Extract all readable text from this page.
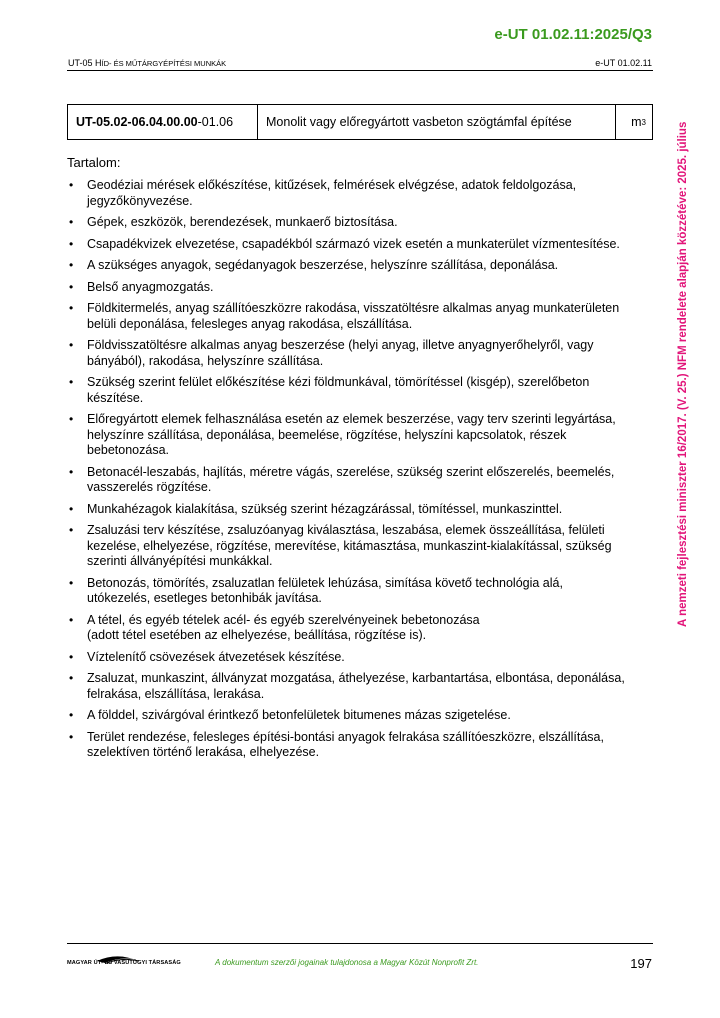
e-UT 01.02.11:2025/Q3
UT-05 HÍD- ÉS MŰTÁRGYÉPÍTÉSI MUNKÁK	e-UT 01.02.11
A nemzeti fejlesztési miniszter 16/2017. (V. 25.) NFM rendelete alapján közzétéve: 2025. július
UT-05.02-06.04.00.00 -01.06	Monolit vagy előregyártott vasbeton szögtámfal építése	m 3
Tartalom:
• Geodéziai mérések előkészítése, kitűzések, felmérések elvégzése, adatok feldolgozása, jegyzőkönyvezése.
• Gépek, eszközök, berendezések, munkaerő biztosítása.
• Csapadékvizek elvezetése, csapadékból származó vizek esetén a munkaterület vízmentesítése.
• A szükséges anyagok, segédanyagok beszerzése, helyszínre szállítása, deponálása.
• Belső anyagmozgatás.
• Földkitermelés, anyag szállítóeszközre rakodása, visszatöltésre alkalmas anyag munkaterületen belüli deponálása, felesleges anyag rakodása, elszállítása.
• Földvisszatöltésre alkalmas anyag beszerzése (helyi anyag, illetve anyagnyerőhelyről, vagy bányából), rakodása, helyszínre szállítása.
• Szükség szerint felület előkészítése kézi földmunkával, tömörítéssel (kisgép), szerelőbeton készítése.
• Előregyártott elemek felhasználása esetén az elemek beszerzése, vagy terv szerinti legyártása, helyszínre szállítása, deponálása, beemelése, rögzítése, helyszíni kapcsolatok, részek bebetonozása.
• Betonacél-leszabás, hajlítás, méretre vágás, szerelése, szükség szerint előszerelés, beemelés, vasszerelés rögzítése.
• Munkahézagok kialakítása, szükség szerint hézagzárással, tömítéssel, munkaszinttel.
• Zsaluzási terv készítése, zsaluzóanyag kiválasztása, leszabása, elemek összeállítása, felületi kezelése, elhelyezése, rögzítése, merevítése, kitámasztása, munkaszint-kialakítással, szükség szerinti állványépítési munkákkal.
• Betonozás, tömörítés, zsaluzatlan felületek lehúzása, simítása követő technológia alá, utókezelés, esetleges betonhibák javítása.
• A tétel, és egyéb tételek acél- és egyéb szerelvényeinek bebetonozása
(adott tétel esetében az elhelyezése, beállítása, rögzítése is).
• Víztelenítő csövezések átvezetések készítése.
• Zsaluzat, munkaszint, állványzat mozgatása, áthelyezése, karbantartása, elbontása, deponálása, felrakása, elszállítása, lerakása.
• A földdel, szivárgóval érintkező betonfelületek bitumenes mázas szigetelése.
• Terület rendezése, felesleges építési-bontási anyagok felrakása szállítóeszközre, elszállítása, szelektíven történő lerakása, elhelyezése.
MAGYAR ÚT- ÉS VASÚTÜGYI TÁRSASÁG	A dokumentum szerzői jogainak tulajdonosa a Magyar Közút Nonprofit Zrt.	197
